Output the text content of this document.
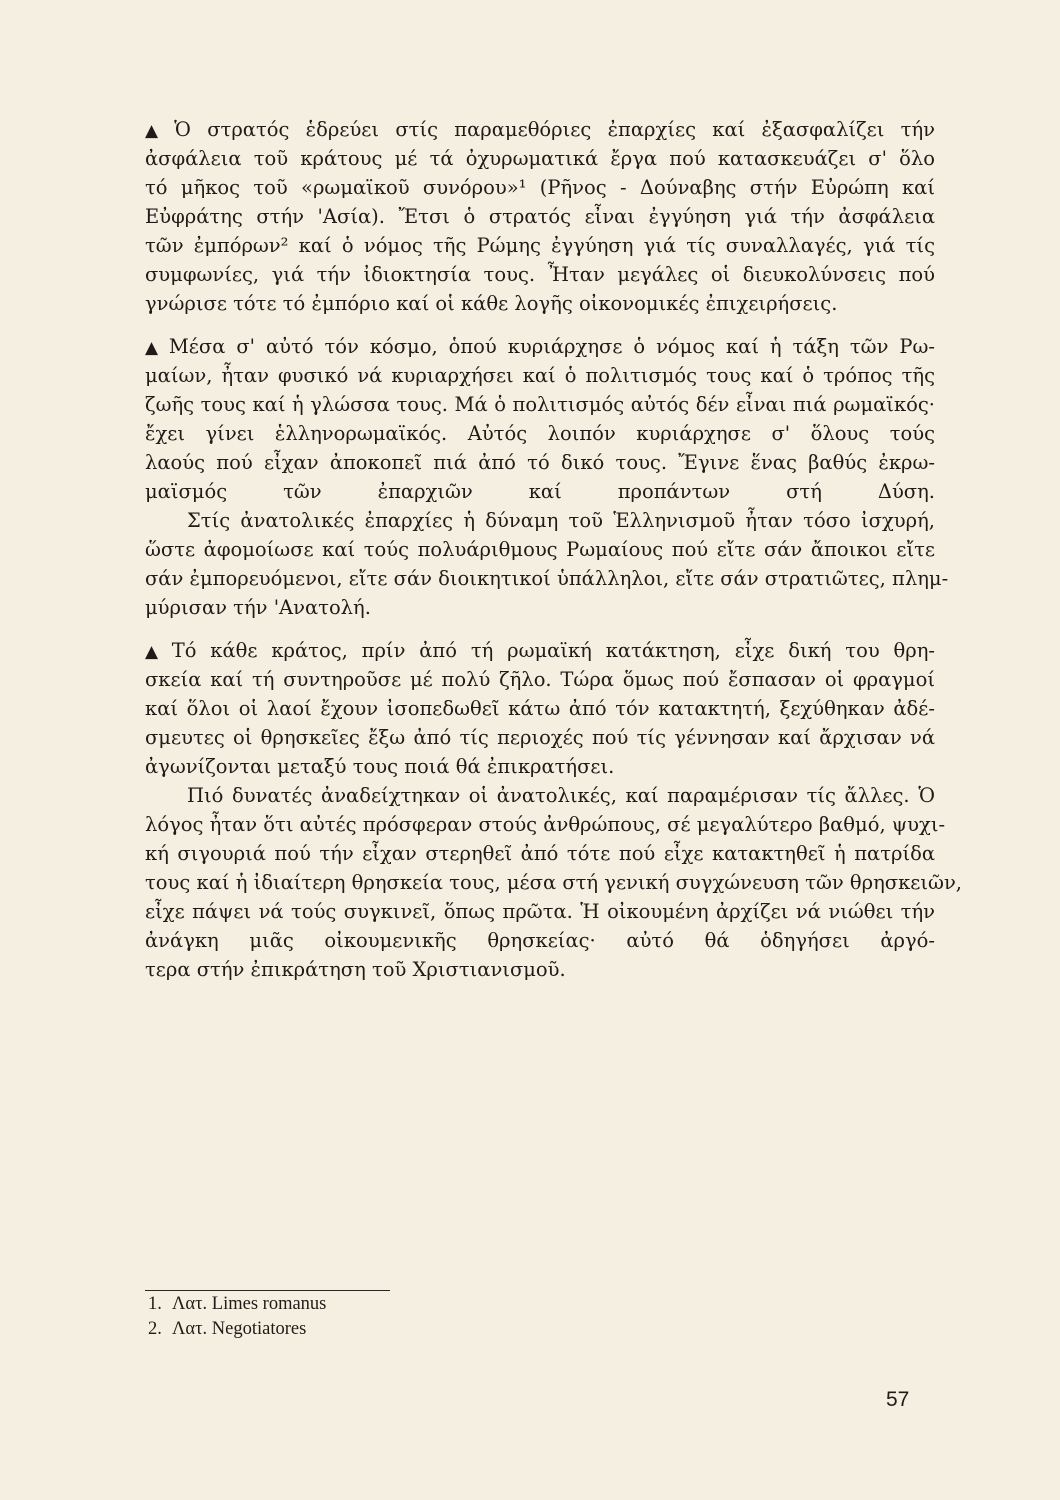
▲ Ὁ στρατός ἑδρεύει στίς παραμεθόριες ἐπαρχίες καί ἐξασφαλίζει τήν
ἀσφάλεια τοῦ κράτους μέ τά ὀχυρωματικά ἔργα πού κατασκευάζει σ' ὅλο
τό μῆκος τοῦ «ρωμαϊκοῦ συνόρου»¹ (Ρῆνος - Δούναβης στήν Εὐρώπη καί
Εὐφράτης στήν 'Ασία). Ἔτσι ὁ στρατός εἶναι ἐγγύηση γιά τήν ἀσφάλεια
τῶν ἐμπόρων² καί ὁ νόμος τῆς Ρώμης ἐγγύηση γιά τίς συναλλαγές, γιά τίς
συμφωνίες, γιά τήν ἰδιοκτησία τους. Ἦταν μεγάλες οἱ διευκολύνσεις πού
γνώρισε τότε τό ἐμπόριο καί οἱ κάθε λογῆς οἰκονομικές ἐπιχειρήσεις.
▲ Μέσα σ' αὐτό τόν κόσμο, ὁπού κυριάρχησε ὁ νόμος καί ἡ τάξη τῶν Ρω-
μαίων, ἦταν φυσικό νά κυριαρχήσει καί ὁ πολιτισμός τους καί ὁ τρόπος τῆς
ζωῆς τους καί ἡ γλώσσα τους. Μά ὁ πολιτισμός αὐτός δέν εἶναι πιά ρωμαϊκός·
ἔχει γίνει ἑλληνορωμαϊκός. Αὐτός λοιπόν κυριάρχησε σ' ὅλους τούς
λαούς πού εἶχαν ἀποκοπεῖ πιά ἀπό τό δικό τους. Ἔγινε ἕνας βαθύς ἐκρω-
μαϊσμός τῶν ἐπαρχιῶν καί προπάντων στή Δύση.
Στίς ἀνατολικές ἐπαρχίες ἡ δύναμη τοῦ Ἑλληνισμοῦ ἦταν τόσο ἰσχυρή,
ὥστε ἀφομοίωσε καί τούς πολυάριθμους Ρωμαίους πού εἴτε σάν ἄποικοι εἴτε
σάν ἐμπορευόμενοι, εἴτε σάν διοικητικοί ὑπάλληλοι, εἴτε σάν στρατιῶτες, πλημ-
μύρισαν τήν 'Ανατολή.
▲ Τό κάθε κράτος, πρίν ἀπό τή ρωμαϊκή κατάκτηση, εἶχε δική του θρη-
σκεία καί τή συντηροῦσε μέ πολύ ζῆλο. Τώρα ὅμως πού ἔσπασαν οἱ φραγμοί
καί ὅλοι οἱ λαοί ἔχουν ἰσοπεδωθεῖ κάτω ἀπό τόν κατακτητή, ξεχύθηκαν ἀδέ-
σμευτες οἱ θρησκεῖες ἔξω ἀπό τίς περιοχές πού τίς γέννησαν καί ἄρχισαν νά
ἀγωνίζονται μεταξύ τους ποιά θά ἐπικρατήσει.
Πιό δυνατές ἀναδείχτηκαν οἱ ἀνατολικές, καί παραμέρισαν τίς ἄλλες. Ὁ
λόγος ἦταν ὅτι αὐτές πρόσφεραν στούς ἀνθρώπους, σέ μεγαλύτερο βαθμό, ψυχι-
κή σιγουριά πού τήν εἶχαν στερηθεῖ ἀπό τότε πού εἶχε κατακτηθεῖ ἡ πατρίδα
τους καί ἡ ἰδιαίτερη θρησκεία τους, μέσα στή γενική συγχώνευση τῶν θρησκειῶν,
εἶχε πάψει νά τούς συγκινεῖ, ὅπως πρῶτα. Ἡ οἰκουμένη ἀρχίζει νά νιώθει τήν
ἀνάγκη μιᾶς οἰκουμενικῆς θρησκείας· αὐτό θά ὁδηγήσει ἀργό-
τερα στήν ἐπικράτηση τοῦ Χριστιανισμοῦ.
1. Λατ. Limes romanus
2. Λατ. Negotiatores
57
